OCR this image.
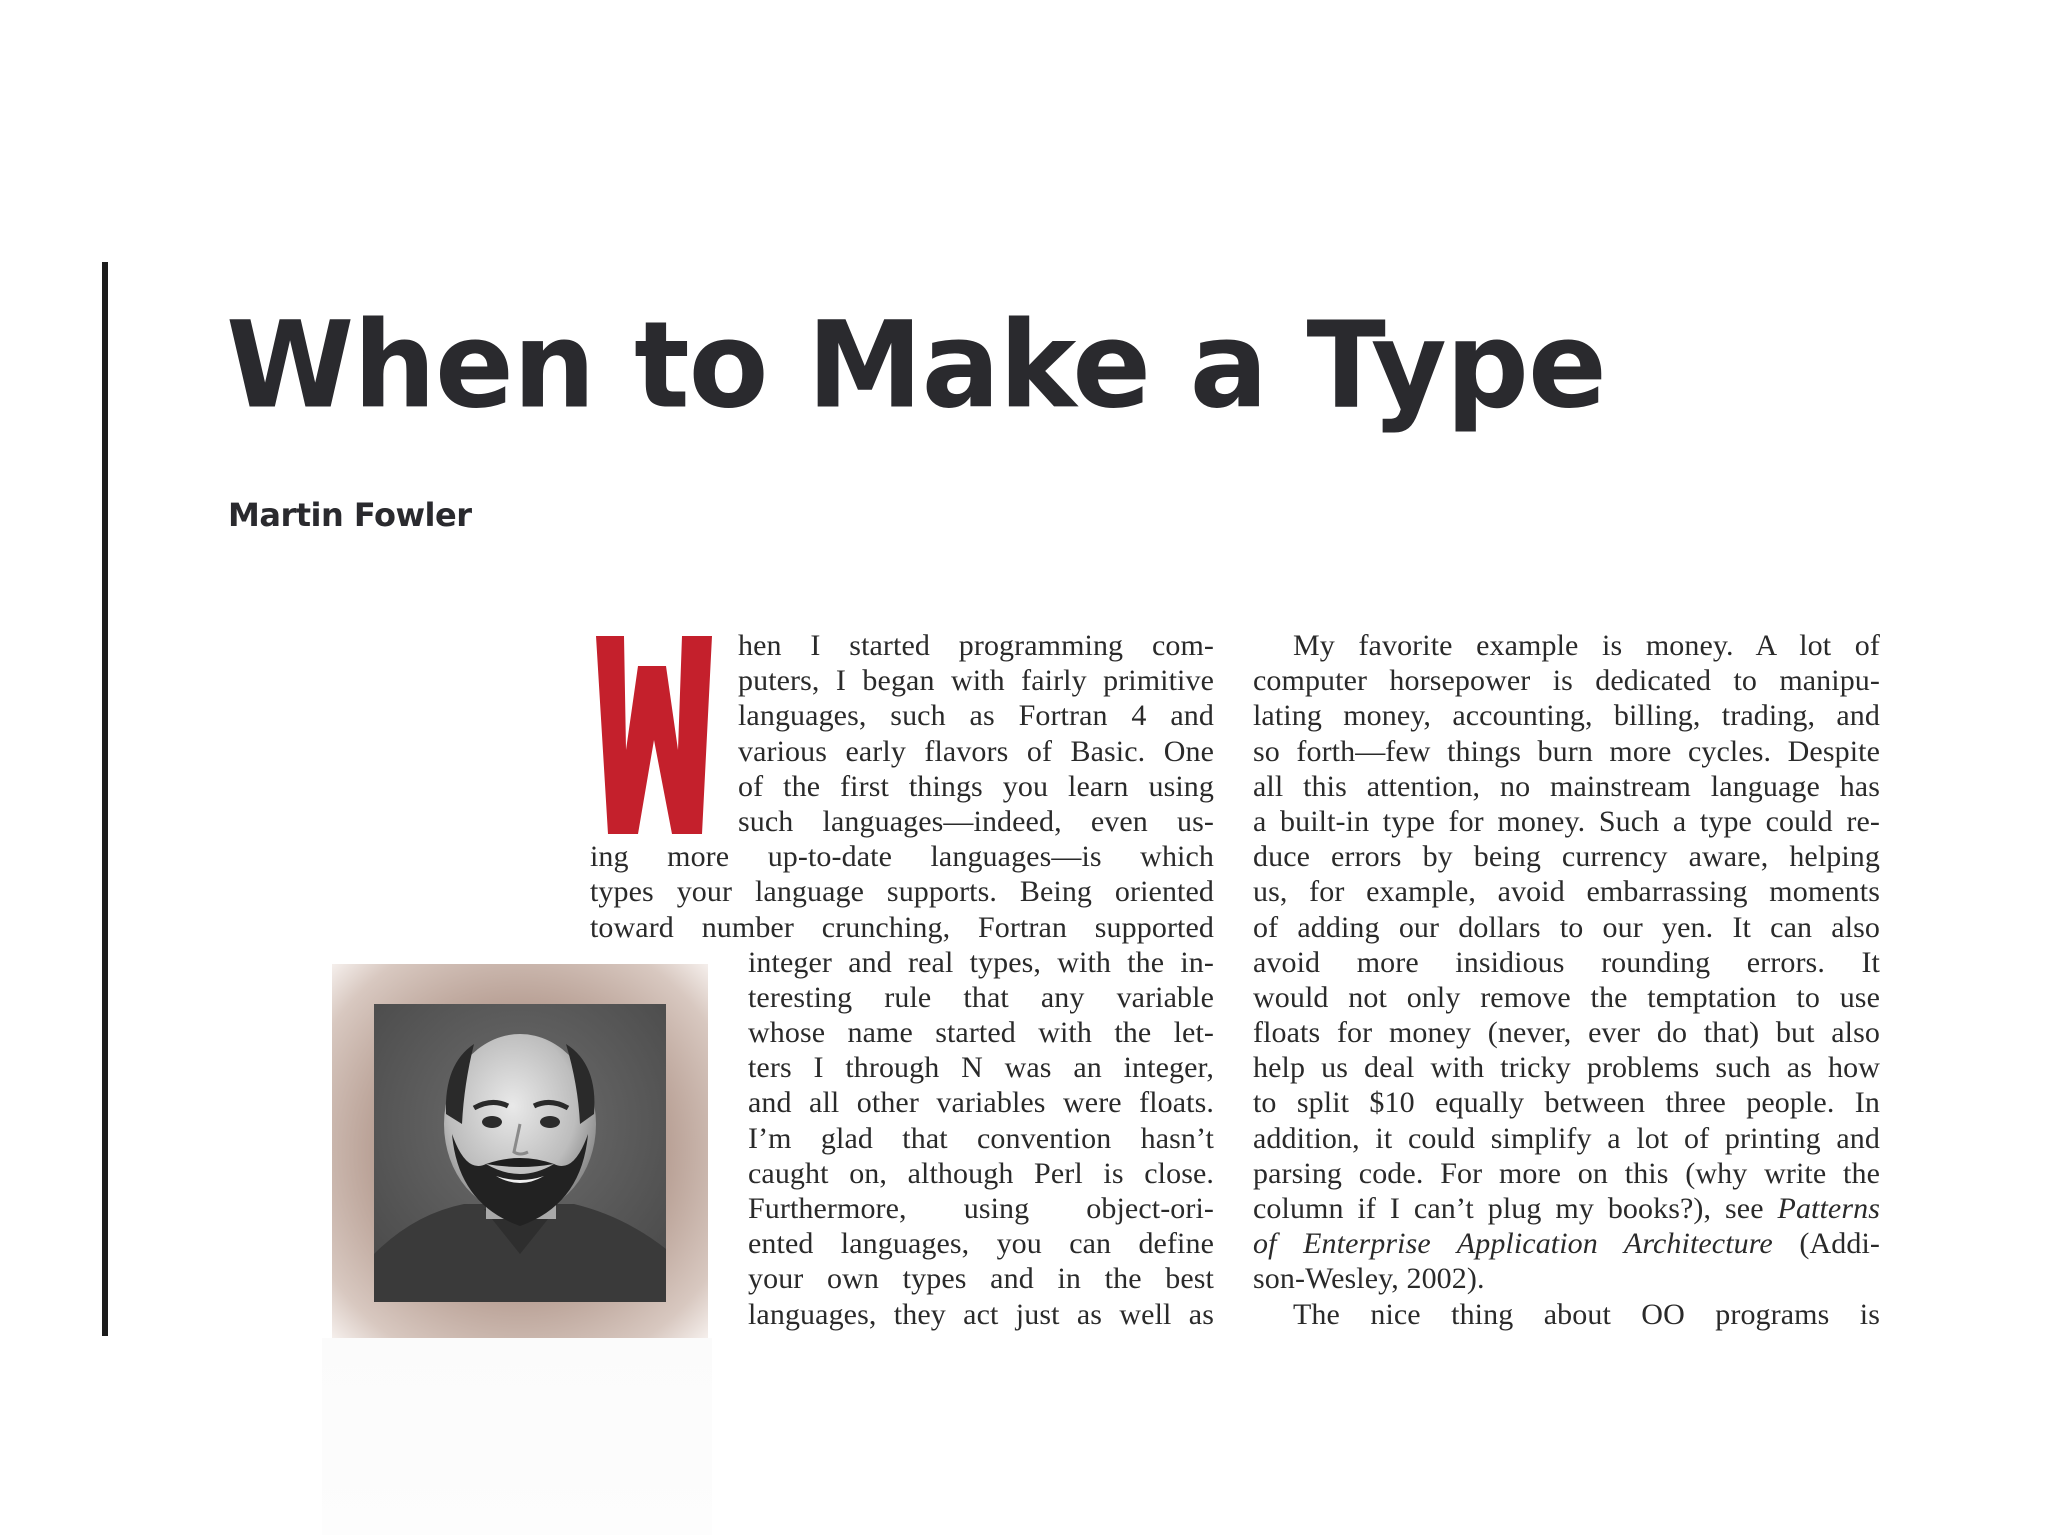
When to Make a Type
Martin Fowler
hen I started programming com-
puters, I began with fairly primitive
languages, such as Fortran 4 and
various early flavors of Basic. One
of the first things you learn using
such languages—indeed, even us-
ing more up-to-date languages—is which
types your language supports. Being oriented
toward number crunching, Fortran supported
integer and real types, with the in-
teresting rule that any variable
whose name started with the let-
ters I through N was an integer,
and all other variables were floats.
I’m glad that convention hasn’t
caught on, although Perl is close.
Furthermore, using object-ori-
ented languages, you can define
your own types and in the best
languages, they act just as well as
My favorite example is money. A lot of
computer horsepower is dedicated to manipu-
lating money, accounting, billing, trading, and
so forth—few things burn more cycles. Despite
all this attention, no mainstream language has
a built-in type for money. Such a type could re-
duce errors by being currency aware, helping
us, for example, avoid embarrassing moments
of adding our dollars to our yen. It can also
avoid more insidious rounding errors. It
would not only remove the temptation to use
floats for money (never, ever do that) but also
help us deal with tricky problems such as how
to split $10 equally between three people. In
addition, it could simplify a lot of printing and
parsing code. For more on this (why write the
column if I can’t plug my books?), see Patterns
of Enterprise Application Architecture (Addi-
son-Wesley, 2002).
The nice thing about OO programs is
